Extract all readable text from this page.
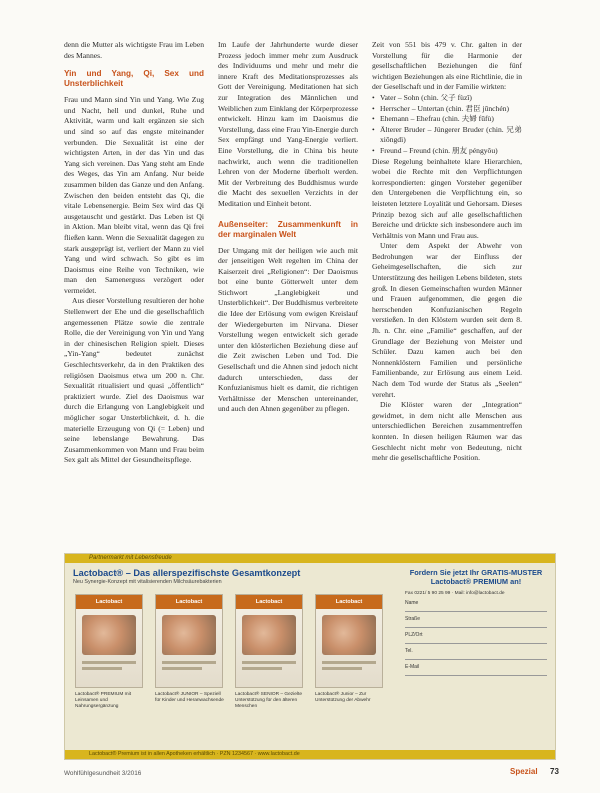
denn die Mutter als wichtigste Frau im Leben des Mannes.

Yin und Yang, Qi, Sex und Unsterblichkeit

Frau und Mann sind Yin und Yang. Wie Zug und Nacht, hell und dunkel, Ruhe und Aktivität, warm und kalt ergänzen sie sich und sind so auf das engste miteinander verbunden. Die Sexualität ist eine der wichtigsten Arten, in der das Yin und das Yang sich vereinen. Das Yang steht am Ende des Weges, das Yin am Anfang. Nur beide zusammen bilden das Ganze und den Anfang. Zwischen den beiden entsteht das Qi, die vitale Lebensenergie. Beim Sex wird das Qi ausgetauscht und gestärkt. Das Leben ist Qi in Aktion. Man bleibt vital, wenn das Qi frei fließen kann. Wenn die Sexualität dagegen zu stark ausgeprägt ist, verliert der Mann zu viel Yang und wird schwach. So gibt es im Daoismus eine Reihe von Techniken, wie man den Samenerguss verzögert oder vermeidet.

Aus dieser Vorstellung resultieren der hohe Stellenwert der Ehe und die gesellschaftlich angemessenen Plätze sowie die zentrale Rolle, die der Vereinigung von Yin und Yang in der chinesischen Religion spielt. Dieses „Yin-Yang“ bedeutet zunächst Geschlechtsverkehr, da in den Praktiken des religiösen Daoismus etwa um 200 n. Chr. Sexualität ritualisiert und quasi „öffentlich“ praktiziert wurde. Ziel des Daoismus war durch die Erlangung von Langlebigkeit und möglicher sogar Unsterblichkeit, d. h. die materielle Erzeugung von Qi (= Leben) und seine lebenslange Bewahrung. Das Zusammenkommen von Mann und Frau beim Sex galt als Mittel der Gesundheitspflege.

Im Laufe der Jahrhunderte wurde dieser Prozess jedoch immer mehr zum Ausdruck des Individuums und mehr und mehr die innere Kraft des Meditationsprozesses als Gott der Vereinigung. Meditationen hat sich zur Integration des Männlichen und Weiblichen zum Einklang der Körperprozesse entwickelt. Hinzu kam im Daoismus die Vorstellung, dass eine Frau Yin-Energie durch Sex empfängt und Yang-Energie verliert. Eine Vorstellung, die in China bis heute nachwirkt, auch wenn die traditionellen Lehren von der Moderne überholt werden. Mit der Verbreitung des Buddhismus wurde die Macht des sexuellen Verzichts in der Meditation und Einheit betont.

Außenseiter: Zusammenkunft in der marginalen Welt

Der Umgang mit der heiligen wie auch mit der jenseitigen Welt regelten im China der Kaiserzeit drei „Religionen“: Der Daoismus bot eine bunte Götterwelt unter dem Stichwort „Langlebigkeit und Unsterblichkeit“. Der Buddhismus verbreitete die Idee der Erlösung vom ewigen Kreislauf der Wiedergeburten im Nirvana. Dieser Vorstellung wegen entwickelt sich gerade unter den klösterlichen Beziehung diese auf die Zeit zwischen Leben und Tod. Die Gesellschaft und die Ahnen sind jedoch nicht dadurch unterschieden, dass der Konfuzianismus hielt es damit, die richtigen Verhältnisse der Menschen untereinander, und auch den Ahnen gegenüber zu pflegen.

Zeit von 551 bis 479 v. Chr. galten in der Vorstellung für die Harmonie der gesellschaftlichen Beziehungen die fünf wichtigen Beziehungen als eine Richtlinie, die in der Gesellschaft und in der Familie wirkten:

• Vater – Sohn (chin. 父子 fùzǐ)
• Herrscher – Untertan (chin. 君臣 jūnchén)
• Ehemann – Ehefrau (chin. 夫婦 fūfù)
• Älterer Bruder – Jüngerer Bruder (chin. 兄弟 xiōngdì)
• Freund – Freund (chin. 朋友 péngyǒu)

Diese Regelung beinhaltete klare Hierarchien, wobei die Rechte mit den Verpflichtungen korrespondierten: gingen Vorsteher gegenüber den Untergebenen die Verpflichtung ein, so leisteten letztere Loyalität und Gehorsam. Dieses Prinzip bezog sich auf alle gesellschaftlichen Bereiche und drückte sich insbesondere auch im Verhältnis von Mann und Frau aus.

Unter dem Aspekt der Abwehr von Bedrohungen war der Einfluss der Geheimgesellschaften, die sich zur Unterstützung des heiligen Lebens bildeten, stets groß. In diesen Gemeinschaften wurden Männer und Frauen aufgenommen, die gegen die herrschenden Konfuzianischen Regeln verstießen. In den Klöstern wurden seit dem 8. Jh. n. Chr. eine „Familie“ geschaffen, auf der Grundlage der Beziehung von Meister und Schüler. Dazu kamen auch bei den Nonnenklöstern Familien und persönliche Familienbande, zur Erlösung aus einem Leid. Nach dem Tod wurde der Status als „Seelen“ verehrt.

Die Klöster waren der „Integration“ gewidmet, in dem nicht alle Menschen aus unterschiedlichen Bereichen zusammentreffen konnten. In diesen heiligen Räumen war das Geschlecht nicht mehr von Bedeutung, nicht mehr die gesellschaftliche Position.

Partnermarkt mit Lebensfreude
Lactobact® – Das allerspezifischste Gesamtkonzept
Neu Synergie-Konzept mit vitalisierenden Milchsäurebakterien
Lactobact	Lactobact	Lactobact	Lactobact
Lactobact® PREMIUM mit Leinsamen und Nahrungsergänzung
Lactobact® JUNIOR – Speziell für Kinder und Heranwachsende
Lactobact® SENIOR – Gezielte Unterstützung für den älteren Menschen
Lactobact® Junior – Zur Unterstützung der Abwehr
Fordern Sie jetzt Ihr GRATIS-MUSTER Lactobact® PREMIUM an!
Fax 0221/ 5 90 25 99 · Mail: info@lactobact.de
Name
Straße
PLZ/Ort
Tel.
E-Mail
Lactobact® Premium ist in allen Apotheken erhältlich · PZN 1234567 · www.lactobact.de
Wohlfühlgesundheit 3/2016	Spezial 73
